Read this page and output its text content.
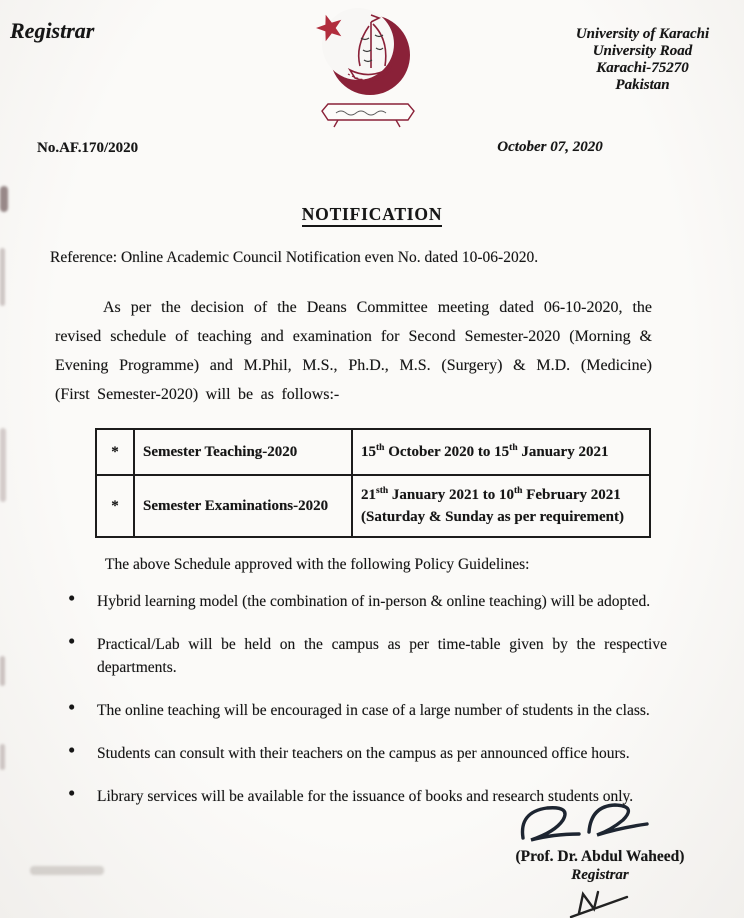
Registrar	University of Karachi
University Road
Karachi-75270
Pakistan
No.AF.170/2020	October 07, 2020
NOTIFICATION

Reference: Online Academic Council Notification even No. dated 10-06-2020.

As per the decision of the Deans Committee meeting dated 06-10-2020, the revised schedule of teaching and examination for Second Semester-2020 (Morning & Evening Programme) and M.Phil, M.S., Ph.D., M.S. (Surgery) & M.D. (Medicine) (First Semester-2020) will be as follows:-

*	Semester Teaching-2020	15th October 2020 to 15th January 2021
*	Semester Examinations-2020	$21^{sth}$ January 2021 to 10th February 2021
(Saturday & Sunday as per requirement)

The above Schedule approved with the following Policy Guidelines:

• Hybrid learning model (the combination of in-person & online teaching) will be adopted.
• Practical/Lab will be held on the campus as per time-table given by the respective departments.
• The online teaching will be encouraged in case of a large number of students in the class.
• Students can consult with their teachers on the campus as per announced office hours.
• Library services will be available for the issuance of books and research students only.
(Prof. Dr. Abdul Waheed)
Registrar
